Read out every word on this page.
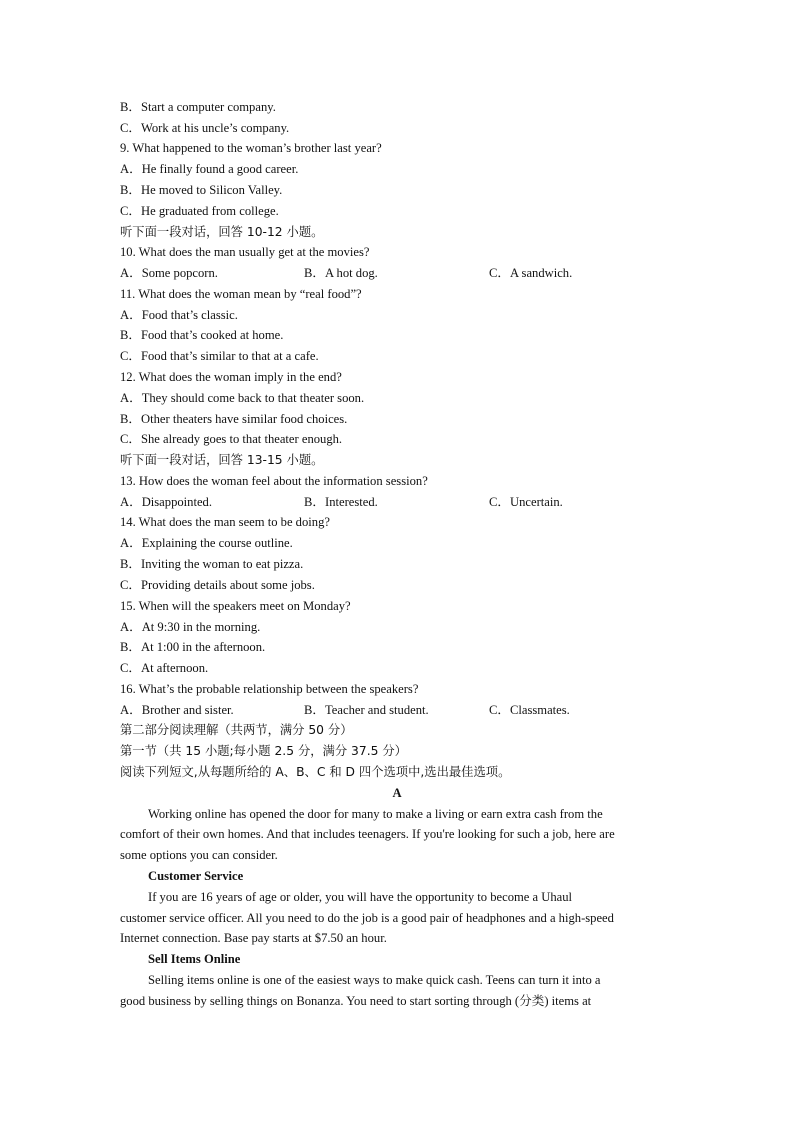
B．Start a computer company.
C．Work at his uncle’s company.
9. What happened to the woman’s brother last year?
A．He finally found a good career.
B．He moved to Silicon Valley.
C．He graduated from college.
听下面一段对话，回答 10-12 小题。
10. What does the man usually get at the movies?
A．Some popcorn.	B．A hot dog.	C．A sandwich.
11. What does the woman mean by “real food”?
A．Food that’s classic.
B．Food that’s cooked at home.
C．Food that’s similar to that at a cafe.
12. What does the woman imply in the end?
A．They should come back to that theater soon.
B．Other theaters have similar food choices.
C．She already goes to that theater enough.
听下面一段对话，回答 13-15 小题。
13. How does the woman feel about the information session?
A．Disappointed.	B．Interested.	C．Uncertain.
14. What does the man seem to be doing?
A．Explaining the course outline.
B．Inviting the woman to eat pizza.
C．Providing details about some jobs.
15. When will the speakers meet on Monday?
A．At 9:30 in the morning.
B．At 1:00 in the afternoon.
C．At afternoon.
16. What’s the probable relationship between the speakers?
A．Brother and sister.	B．Teacher and student.	C．Classmates.
第二部分阅读理解（共两节，满分 50 分）
第一节（共 15 小题;每小题 2.5 分，满分 37.5 分）
阅读下列短文,从每题所给的 A、B、C 和 D 四个选项中,选出最佳选项。
A
Working online has opened the door for many to make a living or earn extra cash from the
comfort of their own homes. And that includes teenagers. If you're looking for such a job, here are
some options you can consider.
Customer Service
If you are 16 years of age or older, you will have the opportunity to become a Uhaul
customer service officer. All you need to do the job is a good pair of headphones and a high-speed
Internet connection. Base pay starts at $7.50 an hour.
Sell Items Online
Selling items online is one of the easiest ways to make quick cash. Teens can turn it into a
good business by selling things on Bonanza. You need to start sorting through (分类) items at
